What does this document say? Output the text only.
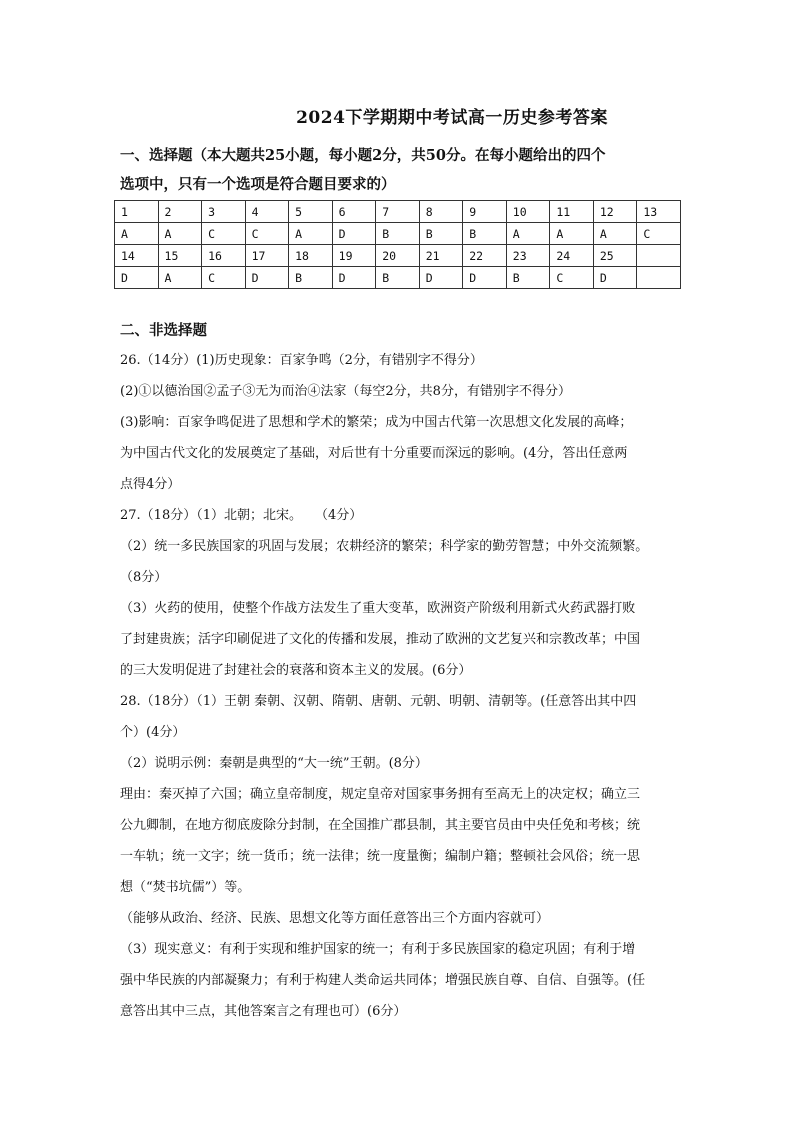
2024下学期期中考试高一历史参考答案
一、选择题（本大题共25小题，每小题2分，共50分。在每小题给出的四个
选项中，只有一个选项是符合题目要求的）
1	2	3	4	5	6	7	8	9	10	11	12	13
A	A	C	C	A	D	B	B	B	A	A	A	C
14	15	16	17	18	19	20	21	22	23	24	25	
D	A	C	D	B	D	B	D	D	B	C	D	
二、非选择题
26.（14分）(1)历史现象：百家争鸣（2分，有错别字不得分）
(2)①以德治国②孟子③无为而治④法家（每空2分，共8分，有错别字不得分）
(3)影响：百家争鸣促进了思想和学术的繁荣；成为中国古代第一次思想文化发展的高峰；
为中国古代文化的发展奠定了基础，对后世有十分重要而深远的影响。(4分，答出任意两
点得4分）
27.（18分）（1）北朝；北宋。　　（4分）
（2）统一多民族国家的巩固与发展；农耕经济的繁荣；科学家的勤劳智慧；中外交流频繁。
（8分）
（3）火药的使用，使整个作战方法发生了重大变革，欧洲资产阶级利用新式火药武器打败
了封建贵族；活字印刷促进了文化的传播和发展，推动了欧洲的文艺复兴和宗教改革；中国
的三大发明促进了封建社会的衰落和资本主义的发展。(6分）
28.（18分）（1）王朝 秦朝、汉朝、隋朝、唐朝、元朝、明朝、清朝等。(任意答出其中四
个）(4分）
（2）说明示例：秦朝是典型的“大一统”王朝。(8分）
理由：秦灭掉了六国；确立皇帝制度，规定皇帝对国家事务拥有至高无上的决定权；确立三
公九卿制，在地方彻底废除分封制，在全国推广郡县制，其主要官员由中央任免和考核；统
一车轨；统一文字；统一货币；统一法律；统一度量衡；编制户籍；整顿社会风俗；统一思
想（“焚书坑儒”）等。
（能够从政治、经济、民族、思想文化等方面任意答出三个方面内容就可）
（3）现实意义：有利于实现和维护国家的统一；有利于多民族国家的稳定巩固；有利于增
强中华民族的内部凝聚力；有利于构建人类命运共同体；增强民族自尊、自信、自强等。(任
意答出其中三点，其他答案言之有理也可）(6分）
